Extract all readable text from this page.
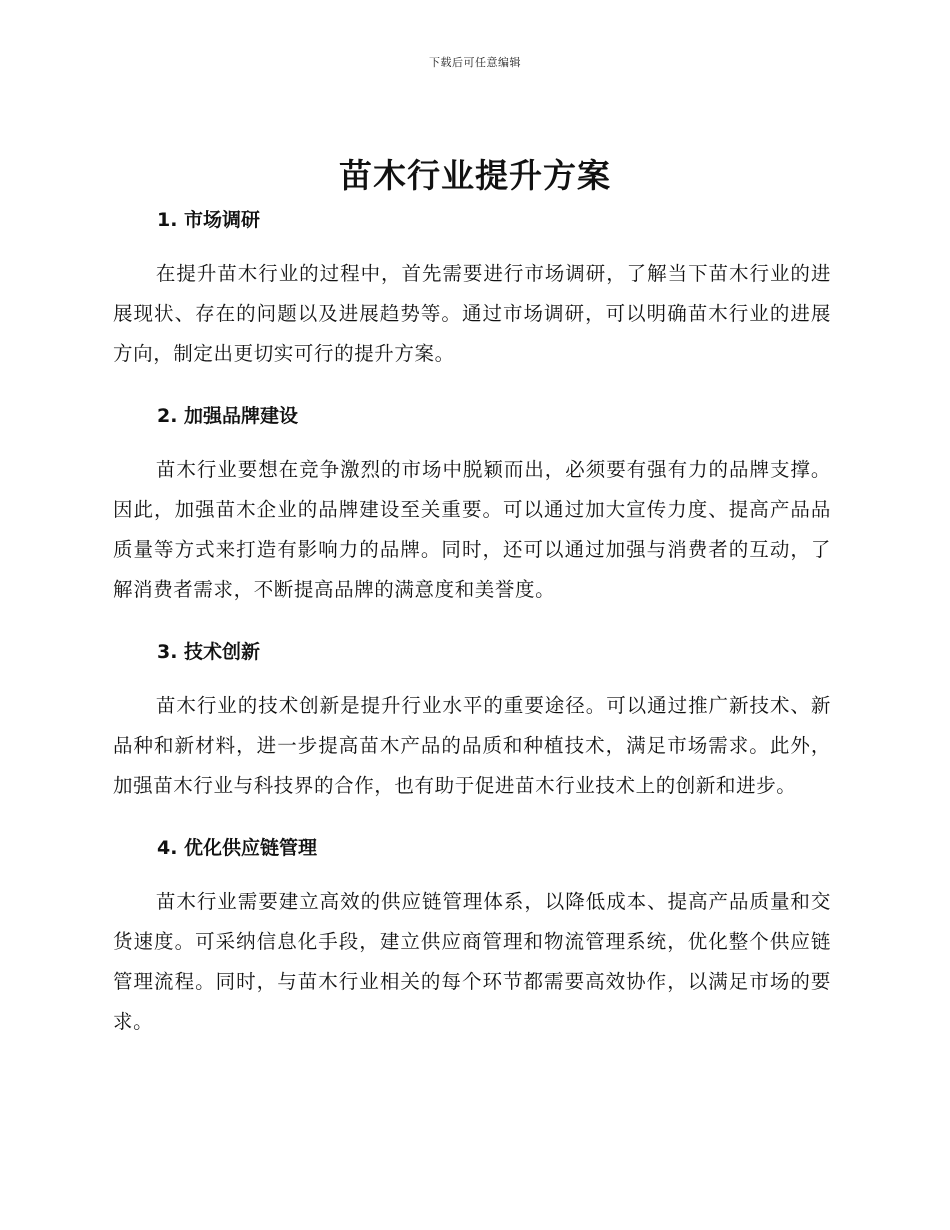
下载后可任意编辑
苗木行业提升方案
1. 市场调研

在提升苗木行业的过程中，首先需要进行市场调研，了解当下苗木行业的进展现状、存在的问题以及进展趋势等。通过市场调研，可以明确苗木行业的进展方向，制定出更切实可行的提升方案。

2. 加强品牌建设

苗木行业要想在竞争激烈的市场中脱颖而出，必须要有强有力的品牌支撑。因此，加强苗木企业的品牌建设至关重要。可以通过加大宣传力度、提高产品品质量等方式来打造有影响力的品牌。同时，还可以通过加强与消费者的互动，了解消费者需求，不断提高品牌的满意度和美誉度。

3. 技术创新

苗木行业的技术创新是提升行业水平的重要途径。可以通过推广新技术、新品种和新材料，进一步提高苗木产品的品质和种植技术，满足市场需求。此外，加强苗木行业与科技界的合作，也有助于促进苗木行业技术上的创新和进步。

4. 优化供应链管理

苗木行业需要建立高效的供应链管理体系，以降低成本、提高产品质量和交货速度。可采纳信息化手段，建立供应商管理和物流管理系统，优化整个供应链管理流程。同时，与苗木行业相关的每个环节都需要高效协作，以满足市场的要求。
